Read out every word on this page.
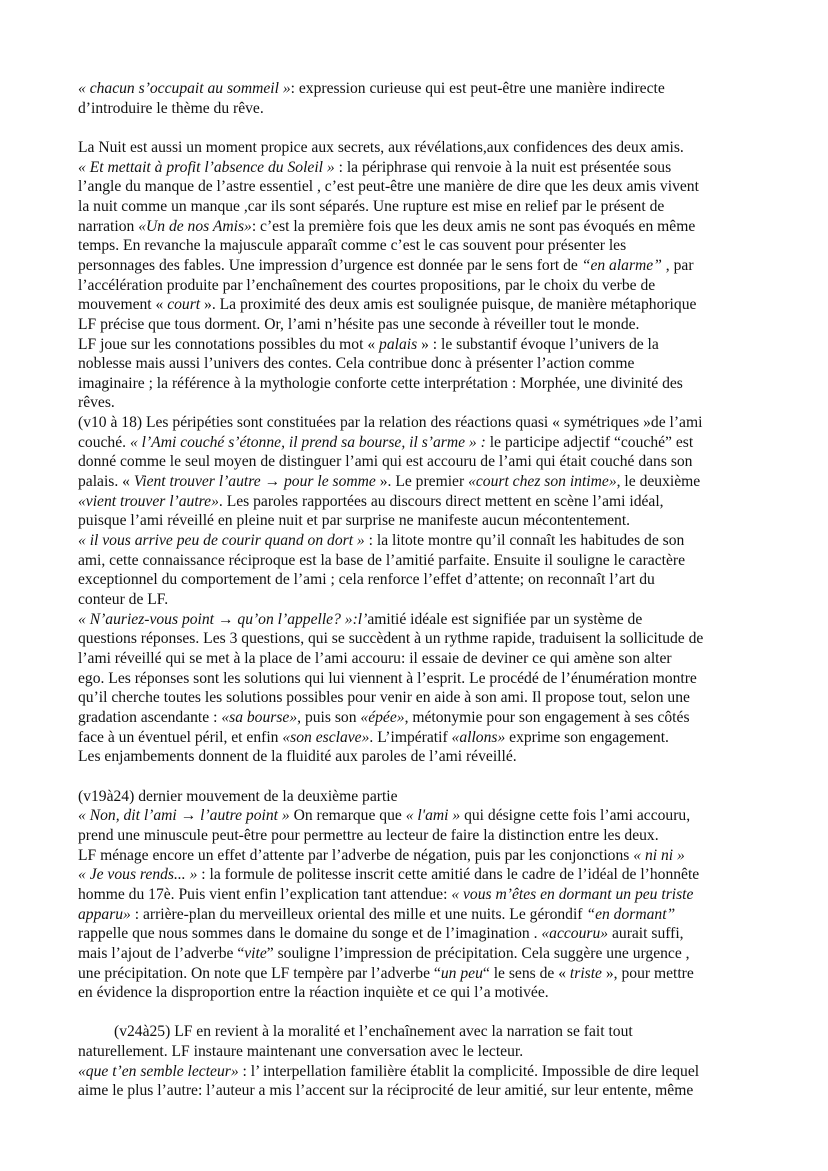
« chacun s’occupait au sommeil »: expression curieuse qui est peut-être une manière indirecte
d’introduire le thème du rêve.
La Nuit est aussi un moment propice aux secrets, aux révélations,aux confidences des deux amis.
« Et mettait à profit l’absence du Soleil » : la périphrase qui renvoie à la nuit est présentée sous
l’angle du manque de l’astre essentiel , c’est peut-être une manière de dire que les deux amis vivent
la nuit comme un manque ,car ils sont séparés. Une rupture est mise en relief par le présent de
narration «Un de nos Amis»: c’est la première fois que les deux amis ne sont pas évoqués en même
temps. En revanche la majuscule apparaît comme c’est le cas souvent pour présenter les
personnages des fables. Une impression d’urgence est donnée par le sens fort de “en alarme” , par
l’accélération produite par l’enchaînement des courtes propositions, par le choix du verbe de
mouvement « court ». La proximité des deux amis est soulignée puisque, de manière métaphorique
LF précise que tous dorment. Or, l’ami n’hésite pas une seconde à réveiller tout le monde.
LF joue sur les connotations possibles du mot « palais » : le substantif évoque l’univers de la
noblesse mais aussi l’univers des contes. Cela contribue donc à présenter l’action comme
imaginaire ; la référence à la mythologie conforte cette interprétation : Morphée, une divinité des
rêves.
(v10 à 18) Les péripéties sont constituées par la relation des réactions quasi « symétriques »de l’ami
couché. « l’Ami couché s’étonne, il prend sa bourse, il s’arme » : le participe adjectif “couché” est
donné comme le seul moyen de distinguer l’ami qui est accouru de l’ami qui était couché dans son
palais. « Vient trouver l’autre → pour le somme ». Le premier «court chez son intime», le deuxième
«vient trouver l’autre». Les paroles rapportées au discours direct mettent en scène l’ami idéal,
puisque l’ami réveillé en pleine nuit et par surprise ne manifeste aucun mécontentement.
« il vous arrive peu de courir quand on dort » : la litote montre qu’il connaît les habitudes de son
ami, cette connaissance réciproque est la base de l’amitié parfaite. Ensuite il souligne le caractère
exceptionnel du comportement de l’ami ; cela renforce l’effet d’attente; on reconnaît l’art du
conteur de LF.
« N’auriez-vous point → qu’on l’appelle? »:l’amitié idéale est signifiée par un système de
questions réponses. Les 3 questions, qui se succèdent à un rythme rapide, traduisent la sollicitude de
l’ami réveillé qui se met à la place de l’ami accouru: il essaie de deviner ce qui amène son alter
ego. Les réponses sont les solutions qui lui viennent à l’esprit. Le procédé de l’énumération montre
qu’il cherche toutes les solutions possibles pour venir en aide à son ami. Il propose tout, selon une
gradation ascendante : «sa bourse», puis son «épée», métonymie pour son engagement à ses côtés
face à un éventuel péril, et enfin «son esclave». L’impératif «allons» exprime son engagement.
Les enjambements donnent de la fluidité aux paroles de l’ami réveillé.
(v19à24) dernier mouvement de la deuxième partie
« Non, dit l’ami → l’autre point » On remarque que « l'ami » qui désigne cette fois l’ami accouru,
prend une minuscule peut-être pour permettre au lecteur de faire la distinction entre les deux.
LF ménage encore un effet d’attente par l’adverbe de négation, puis par les conjonctions « ni ni »
« Je vous rends... » : la formule de politesse inscrit cette amitié dans le cadre de l’idéal de l’honnête
homme du 17è. Puis vient enfin l’explication tant attendue: « vous m’êtes en dormant un peu triste
apparu» : arrière-plan du merveilleux oriental des mille et une nuits. Le gérondif “en dormant”
rappelle que nous sommes dans le domaine du songe et de l’imagination . «accouru» aurait suffi,
mais l’ajout de l’adverbe “vite” souligne l’impression de précipitation. Cela suggère une urgence ,
une précipitation. On note que LF tempère par l’adverbe “un peu“ le sens de « triste », pour mettre
en évidence la disproportion entre la réaction inquiète et ce qui l’a motivée.
(v24à25) LF en revient à la moralité et l’enchaînement avec la narration se fait tout
naturellement. LF instaure maintenant une conversation avec le lecteur.
«que t’en semble lecteur» : l’ interpellation familière établit la complicité. Impossible de dire lequel
aime le plus l’autre: l’auteur a mis l’accent sur la réciprocité de leur amitié, sur leur entente, même
